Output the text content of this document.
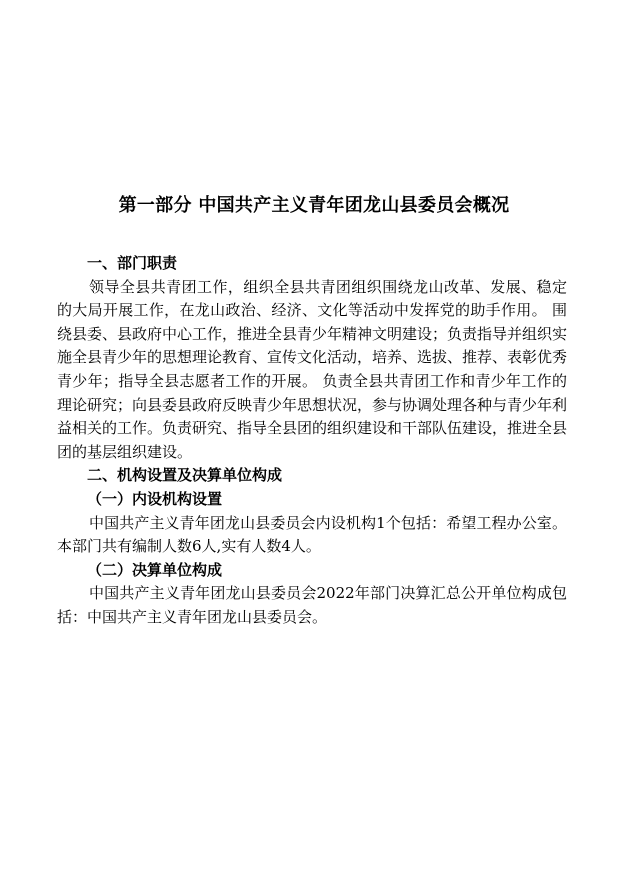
第一部分 中国共产主义青年团龙山县委员会概况

一、部门职责

领导全县共青团工作，组织全县共青团组织围绕龙山改革、发展、稳定的大局开展工作，在龙山政治、经济、文化等活动中发挥党的助手作用。 围绕县委、县政府中心工作，推进全县青少年精神文明建设；负责指导并组织实施全县青少年的思想理论教育、宣传文化活动，培养、选拔、推荐、表彰优秀青少年；指导全县志愿者工作的开展。 负责全县共青团工作和青少年工作的理论研究；向县委县政府反映青少年思想状况，参与协调处理各种与青少年利益相关的工作。负责研究、指导全县团的组织建设和干部队伍建设，推进全县团的基层组织建设。

二、机构设置及决算单位构成

（一）内设机构设置

中国共产主义青年团龙山县委员会内设机构1个包括：希望工程办公室。本部门共有编制人数6人,实有人数4人。

（二）决算单位构成

中国共产主义青年团龙山县委员会2022年部门决算汇总公开单位构成包括：中国共产主义青年团龙山县委员会。
